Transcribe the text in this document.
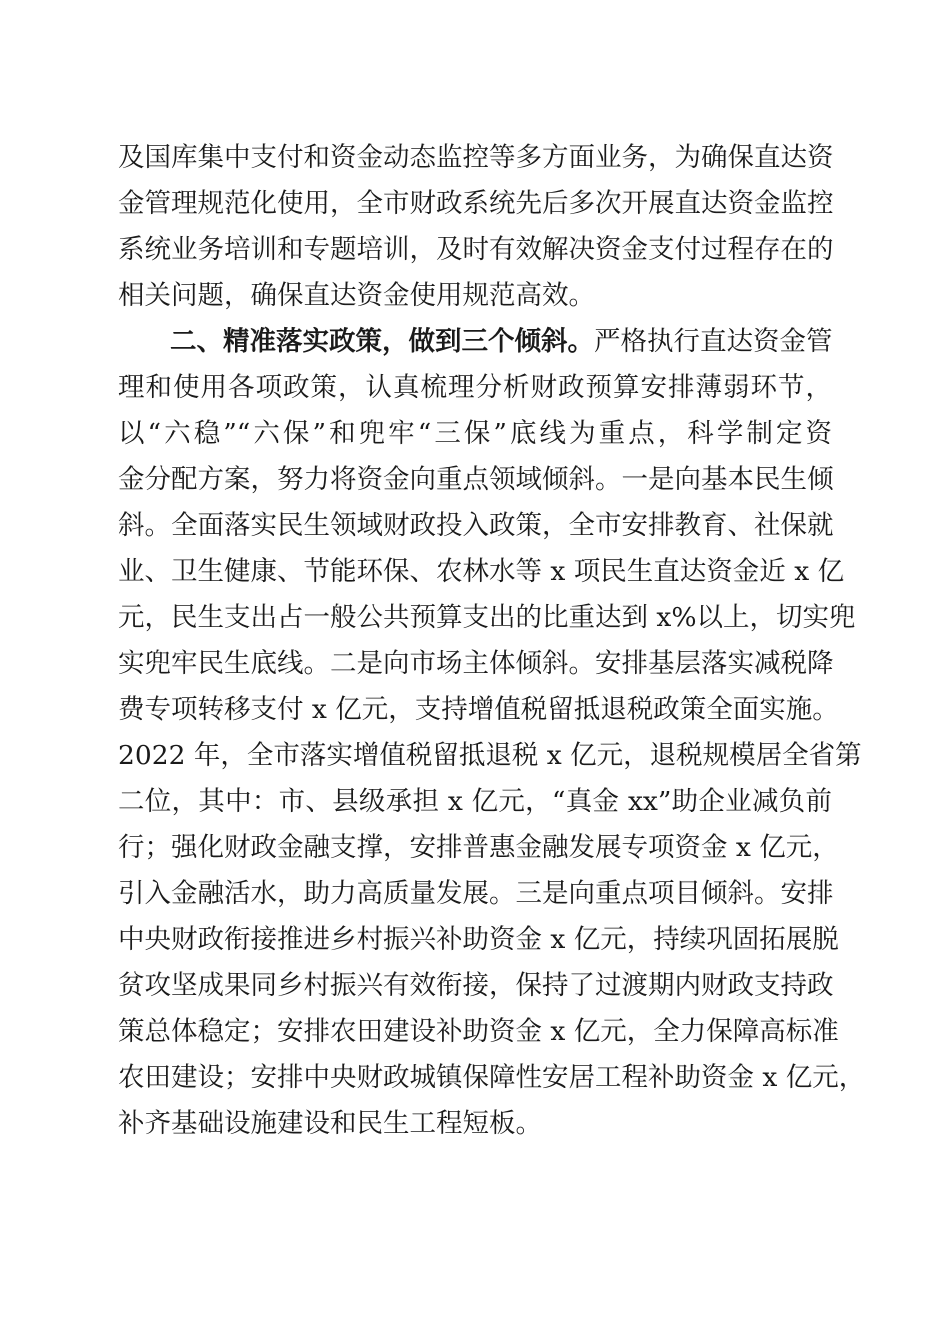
及国库集中支付和资金动态监控等多方面业务，为确保直达资
金管理规范化使用，全市财政系统先后多次开展直达资金监控
系统业务培训和专题培训，及时有效解决资金支付过程存在的
相关问题，确保直达资金使用规范高效。
二、精准落实政策，做到三个倾斜。严格执行直达资金管
理和使用各项政策，认真梳理分析财政预算安排薄弱环节，
以“六稳”“六保”和兜牢“三保”底线为重点，科学制定资
金分配方案，努力将资金向重点领域倾斜。一是向基本民生倾
斜。全面落实民生领域财政投入政策，全市安排教育、社保就
业、卫生健康、节能环保、农林水等 x 项民生直达资金近 x 亿
元，民生支出占一般公共预算支出的比重达到 x%以上，切实兜
实兜牢民生底线。二是向市场主体倾斜。安排基层落实减税降
费专项转移支付 x 亿元，支持增值税留抵退税政策全面实施。
2022 年，全市落实增值税留抵退税 x 亿元，退税规模居全省第
二位，其中：市、县级承担 x 亿元，“真金 xx”助企业减负前
行；强化财政金融支撑，安排普惠金融发展专项资金 x 亿元，
引入金融活水，助力高质量发展。三是向重点项目倾斜。安排
中央财政衔接推进乡村振兴补助资金 x 亿元，持续巩固拓展脱
贫攻坚成果同乡村振兴有效衔接，保持了过渡期内财政支持政
策总体稳定；安排农田建设补助资金 x 亿元，全力保障高标准
农田建设；安排中央财政城镇保障性安居工程补助资金 x 亿元，
补齐基础设施建设和民生工程短板。
